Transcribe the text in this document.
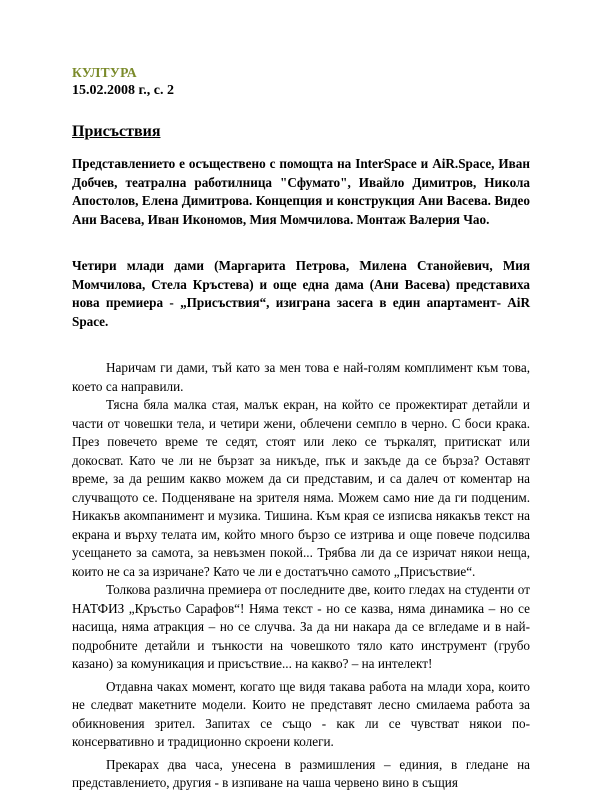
КУЛТУРА

15.02.2008 г., с. 2

Присъствия

Представлението е осъществено с помощта на InterSpace и AiR.Space, Иван Добчев, театрална работилница "Сфумато", Ивайло Димитров, Никола Апостолов, Елена Димитрова. Концепция и конструкция Ани Васева. Видео Ани Васева, Иван Икономов, Мия Момчилова. Монтаж Валерия Чао.

Четири млади дами (Маргарита Петрова, Милена Станойевич, Мия Момчилова, Стела Кръстева) и още една дама (Ани Васева) представиха нова премиера - „Присъствия“, изиграна засега в един апартамент- AiR Space.

Наричам ги дами, тъй като за мен това е най-голям комплимент към това, което са направили.

Тясна бяла малка стая, малък екран, на който се прожектират детайли и части от човешки тела, и четири жени, облечени семпло в черно. С боси крака. През повечето време те седят, стоят или леко се търкалят, притискат или докосват. Като че ли не бързат за никъде, пък и закъде да се бърза? Оставят време, за да решим какво можем да си представим, и са далеч от коментар на случващото се. Подценяване на зрителя няма. Можем само ние да ги подценим. Никакъв акомпанимент и музика. Тишина. Към края се изписва някакъв текст на екрана и върху телата им, който много бързо се изтрива и още повече подсилва усещането за самота, за невъзмен покой... Трябва ли да се изричат някои неща, които не са за изричане? Като че ли е достатъчно самото „Присъствие“.

Толкова различна премиера от последните две, които гледах на студенти от НАТФИЗ „Кръстьо Сарафов“! Няма текст - но се казва, няма динамика – но се насища, няма атракция – но се случва. За да ни накара да се вгледаме и в най-подробните детайли и тънкости на човешкото тяло като инструмент (грубо казано) за комуникация и присъствие... на какво? – на интелект!

Отдавна чаках момент, когато ще видя такава работа на млади хора, които не следват макетните модели. Които не представят лесно смилаема работа за обикновения зрител. Запитах се също - как ли се чувстват някои по-консервативно и традиционно скроени колеги.

Прекарах два часа, унесена в размишления – единия, в гледане на представлението, другия - в изпиване на чаша червено вино в същия
